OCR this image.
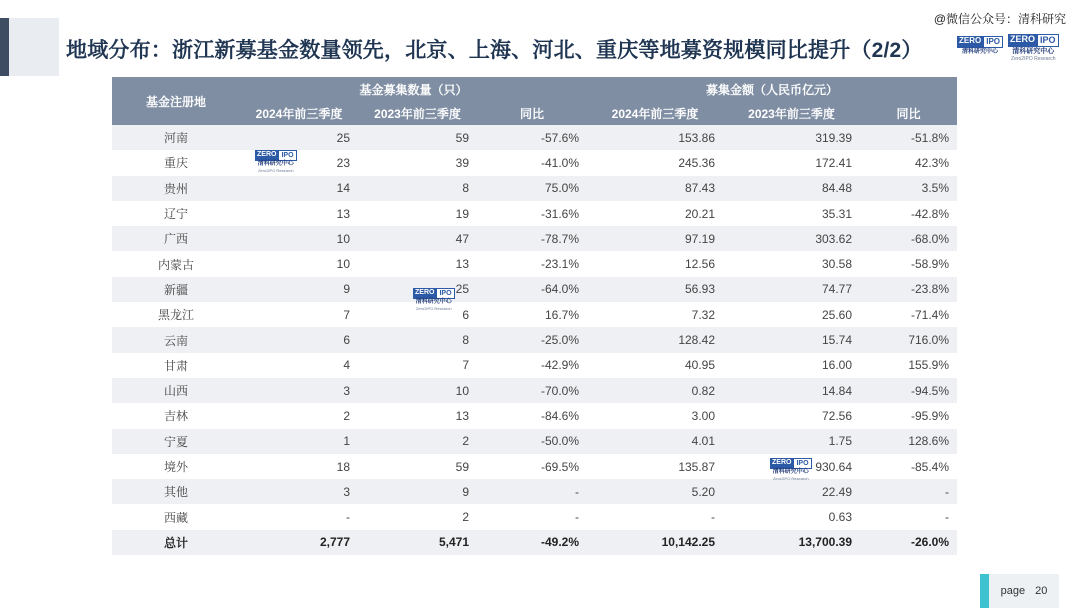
地域分布：浙江新募基金数量领先，北京、上海、河北、重庆等地募资规模同比提升（2/2）
@微信公众号：清科研究
ZERO IPO
清科研究中心
Zero2IPO Research
ZERO IPO
清科研究中心
基金注册地	基金募集数量（只）			募集金额（人民币亿元）		
	2024年前三季度	2023年前三季度	同比	2024年前三季度	2023年前三季度	同比
河南	25	59	-57.6%	153.86	319.39	-51.8%
重庆	23	39	-41.0%	245.36	172.41	42.3%
贵州	14	8	75.0%	87.43	84.48	3.5%
辽宁	13	19	-31.6%	20.21	35.31	-42.8%
广西	10	47	-78.7%	97.19	303.62	-68.0%
内蒙古	10	13	-23.1%	12.56	30.58	-58.9%
新疆	9	25	-64.0%	56.93	74.77	-23.8%
黑龙江	7	6	16.7%	7.32	25.60	-71.4%
云南	6	8	-25.0%	128.42	15.74	716.0%
甘肃	4	7	-42.9%	40.95	16.00	155.9%
山西	3	10	-70.0%	0.82	14.84	-94.5%
吉林	2	13	-84.6%	3.00	72.56	-95.9%
宁夏	1	2	-50.0%	4.01	1.75	128.6%
境外	18	59	-69.5%	135.87	930.64	-85.4%
其他	3	9	-	5.20	22.49	-
西藏	-	2	-	-	0.63	-
总计	2,777	5,471	-49.2%	10,142.25	13,700.39	-26.0%
ZERO IPO
清科研究中心
Zero2IPO Research
ZERO IPO
清科研究中心
Zero2IPO Research
ZERO IPO
清科研究中心
Zero2IPO Research
page 20
